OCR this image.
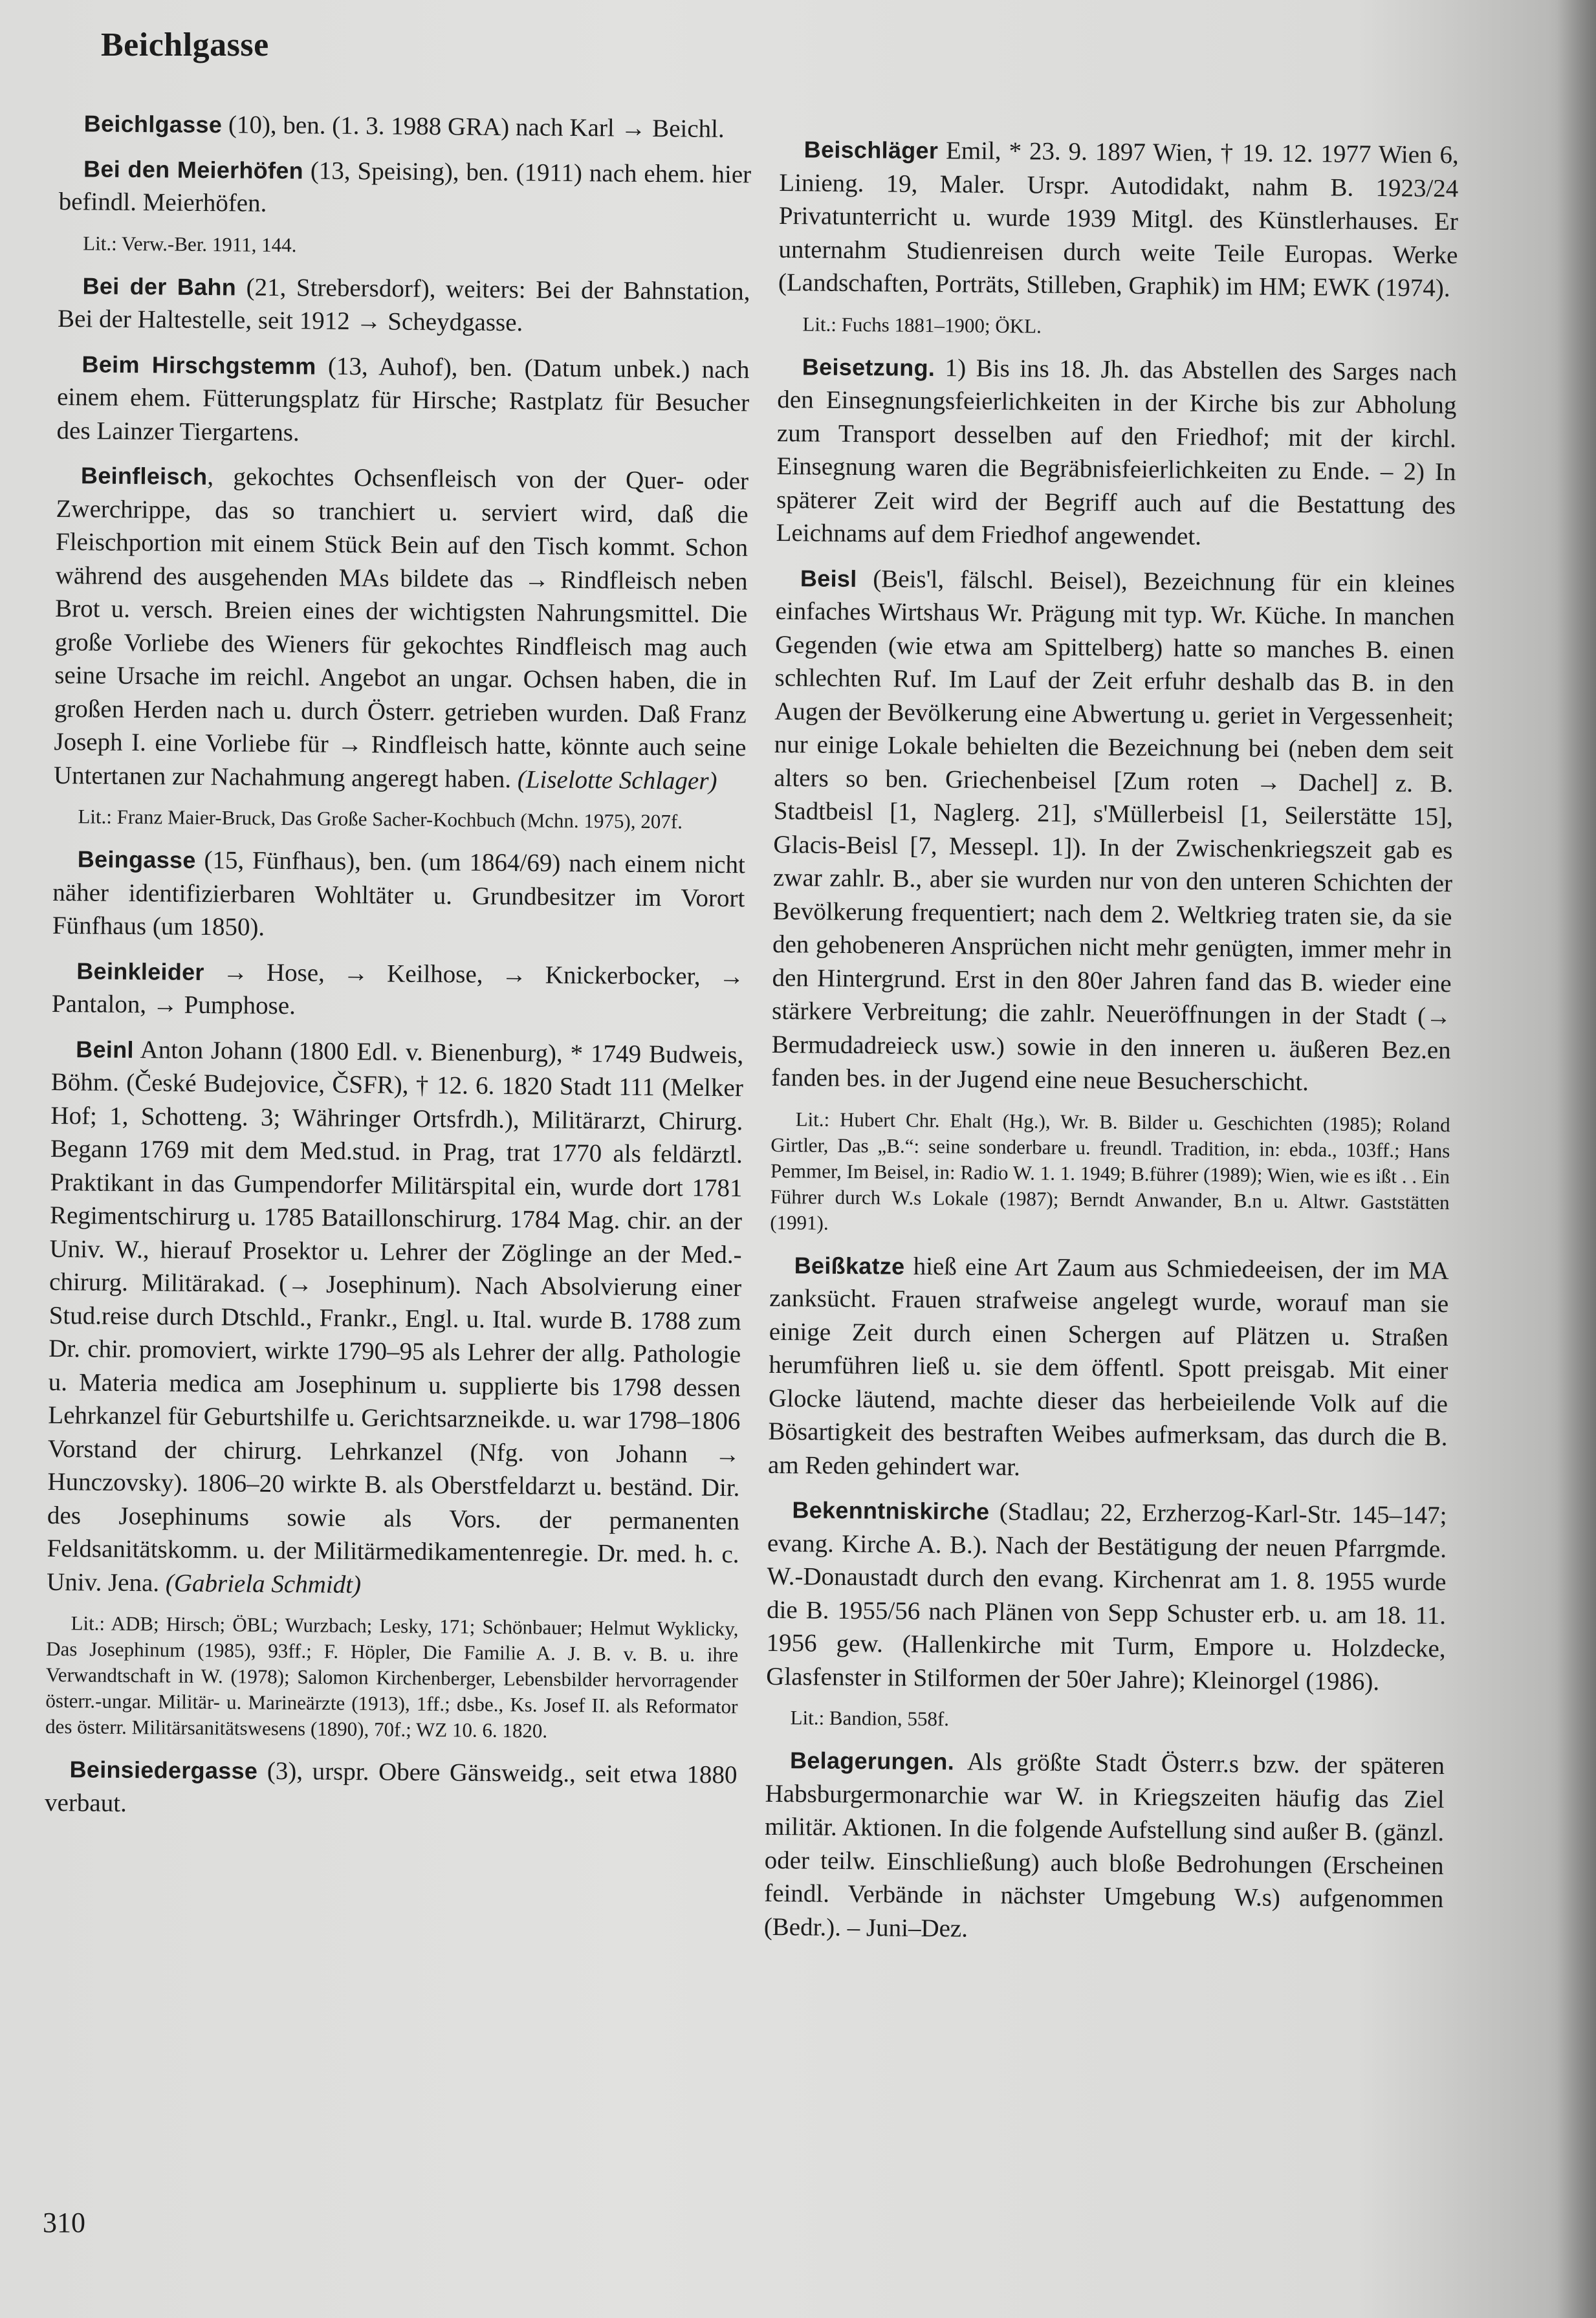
Beichlgasse
Beichlgasse (10), ben. (1. 3. 1988 GRA) nach Karl → Beichl.
Bei den Meierhöfen (13, Speising), ben. (1911) nach ehem. hier befindl. Meierhöfen.
Lit.: Verw.-Ber. 1911, 144.
Bei der Bahn (21, Strebersdorf), weiters: Bei der Bahnstation, Bei der Haltestelle, seit 1912 → Scheydgasse.
Beim Hirschgstemm (13, Auhof), ben. (Datum unbek.) nach einem ehem. Fütterungsplatz für Hirsche; Rastplatz für Besucher des Lainzer Tiergartens.
Beinfleisch, gekochtes Ochsenfleisch von der Quer- oder Zwerchrippe, das so tranchiert u. serviert wird, daß die Fleischportion mit einem Stück Bein auf den Tisch kommt. Schon während des ausgehenden MAs bildete das → Rindfleisch neben Brot u. versch. Breien eines der wichtigsten Nahrungsmittel. Die große Vorliebe des Wieners für gekochtes Rindfleisch mag auch seine Ursache im reichl. Angebot an ungar. Ochsen haben, die in großen Herden nach u. durch Österr. getrieben wurden. Daß Franz Joseph I. eine Vorliebe für → Rindfleisch hatte, könnte auch seine Untertanen zur Nachahmung angeregt haben. (Liselotte Schlager)
Lit.: Franz Maier-Bruck, Das Große Sacher-Kochbuch (Mchn. 1975), 207f.
Beingasse (15, Fünfhaus), ben. (um 1864/69) nach einem nicht näher identifizierbaren Wohltäter u. Grundbesitzer im Vorort Fünfhaus (um 1850).
Beinkleider → Hose, → Keilhose, → Knickerbocker, → Pantalon, → Pumphose.
Beinl Anton Johann (1800 Edl. v. Bienenburg), * 1749 Budweis, Böhm. (České Budejovice, ČSFR), † 12. 6. 1820 Stadt 111 (Melker Hof; 1, Schotteng. 3; Währinger Ortsfrdh.), Militärarzt, Chirurg. Begann 1769 mit dem Med.stud. in Prag, trat 1770 als feldärztl. Praktikant in das Gumpendorfer Militärspital ein, wurde dort 1781 Regimentschirurg u. 1785 Bataillonschirurg. 1784 Mag. chir. an der Univ. W., hierauf Prosektor u. Lehrer der Zöglinge an der Med.-chirurg. Militärakad. (→ Josephinum). Nach Absolvierung einer Stud.reise durch Dtschld., Frankr., Engl. u. Ital. wurde B. 1788 zum Dr. chir. promoviert, wirkte 1790–95 als Lehrer der allg. Pathologie u. Materia medica am Josephinum u. supplierte bis 1798 dessen Lehrkanzel für Geburtshilfe u. Gerichtsarzneikde. u. war 1798–1806 Vorstand der chirurg. Lehrkanzel (Nfg. von Johann → Hunczovsky). 1806–20 wirkte B. als Oberstfeldarzt u. beständ. Dir. des Josephinums sowie als Vors. der permanenten Feldsanitätskomm. u. der Militärmedikamentenregie. Dr. med. h. c. Univ. Jena. (Gabriela Schmidt)
Lit.: ADB; Hirsch; ÖBL; Wurzbach; Lesky, 171; Schönbauer; Helmut Wyklicky, Das Josephinum (1985), 93ff.; F. Höpler, Die Familie A. J. B. v. B. u. ihre Verwandtschaft in W. (1978); Salomon Kirchenberger, Lebensbilder hervorragender österr.-ungar. Militär- u. Marineärzte (1913), 1ff.; dsbe., Ks. Josef II. als Reformator des österr. Militärsanitätswesens (1890), 70f.; WZ 10. 6. 1820.
Beinsiedergasse (3), urspr. Obere Gänsweidg., seit etwa 1880 verbaut.
Beischläger Emil, * 23. 9. 1897 Wien, † 19. 12. 1977 Wien 6, Linieng. 19, Maler. Urspr. Autodidakt, nahm B. 1923/24 Privatunterricht u. wurde 1939 Mitgl. des Künstlerhauses. Er unternahm Studienreisen durch weite Teile Europas. Werke (Landschaften, Porträts, Stilleben, Graphik) im HM; EWK (1974).
Lit.: Fuchs 1881–1900; ÖKL.
Beisetzung. 1) Bis ins 18. Jh. das Abstellen des Sarges nach den Einsegnungsfeierlichkeiten in der Kirche bis zur Abholung zum Transport desselben auf den Friedhof; mit der kirchl. Einsegnung waren die Begräbnisfeierlichkeiten zu Ende. – 2) In späterer Zeit wird der Begriff auch auf die Bestattung des Leichnams auf dem Friedhof angewendet.
Beisl (Beis'l, fälschl. Beisel), Bezeichnung für ein kleines einfaches Wirtshaus Wr. Prägung mit typ. Wr. Küche. In manchen Gegenden (wie etwa am Spittelberg) hatte so manches B. einen schlechten Ruf. Im Lauf der Zeit erfuhr deshalb das B. in den Augen der Bevölkerung eine Abwertung u. geriet in Vergessenheit; nur einige Lokale behielten die Bezeichnung bei (neben dem seit alters so ben. Griechenbeisel [Zum roten → Dachel] z. B. Stadtbeisl [1, Naglerg. 21], s'Müllerbeisl [1, Seilerstätte 15], Glacis-Beisl [7, Messepl. 1]). In der Zwischenkriegszeit gab es zwar zahlr. B., aber sie wurden nur von den unteren Schichten der Bevölkerung frequentiert; nach dem 2. Weltkrieg traten sie, da sie den gehobeneren Ansprüchen nicht mehr genügten, immer mehr in den Hintergrund. Erst in den 80er Jahren fand das B. wieder eine stärkere Verbreitung; die zahlr. Neueröffnungen in der Stadt (→ Bermudadreieck usw.) sowie in den inneren u. äußeren Bez.en fanden bes. in der Jugend eine neue Besucherschicht.
Lit.: Hubert Chr. Ehalt (Hg.), Wr. B. Bilder u. Geschichten (1985); Roland Girtler, Das „B.“: seine sonderbare u. freundl. Tradition, in: ebda., 103ff.; Hans Pemmer, Im Beisel, in: Radio W. 1. 1. 1949; B.führer (1989); Wien, wie es ißt . . Ein Führer durch W.s Lokale (1987); Berndt Anwander, B.n u. Altwr. Gaststätten (1991).
Beißkatze hieß eine Art Zaum aus Schmiedeeisen, der im MA zanksücht. Frauen strafweise angelegt wurde, worauf man sie einige Zeit durch einen Schergen auf Plätzen u. Straßen herumführen ließ u. sie dem öffentl. Spott preisgab. Mit einer Glocke läutend, machte dieser das herbeieilende Volk auf die Bösartigkeit des bestraften Weibes aufmerksam, das durch die B. am Reden gehindert war.
Bekenntniskirche (Stadlau; 22, Erzherzog-Karl-Str. 145–147; evang. Kirche A. B.). Nach der Bestätigung der neuen Pfarrgmde. W.-Donaustadt durch den evang. Kirchenrat am 1. 8. 1955 wurde die B. 1955/56 nach Plänen von Sepp Schuster erb. u. am 18. 11. 1956 gew. (Hallenkirche mit Turm, Empore u. Holzdecke, Glasfenster in Stilformen der 50er Jahre); Kleinorgel (1986).
Lit.: Bandion, 558f.
Belagerungen. Als größte Stadt Österr.s bzw. der späteren Habsburgermonarchie war W. in Kriegszeiten häufig das Ziel militär. Aktionen. In die folgende Aufstellung sind außer B. (gänzl. oder teilw. Einschließung) auch bloße Bedrohungen (Erscheinen feindl. Verbände in nächster Umgebung W.s) aufgenommen (Bedr.). – Juni–Dez.
310
